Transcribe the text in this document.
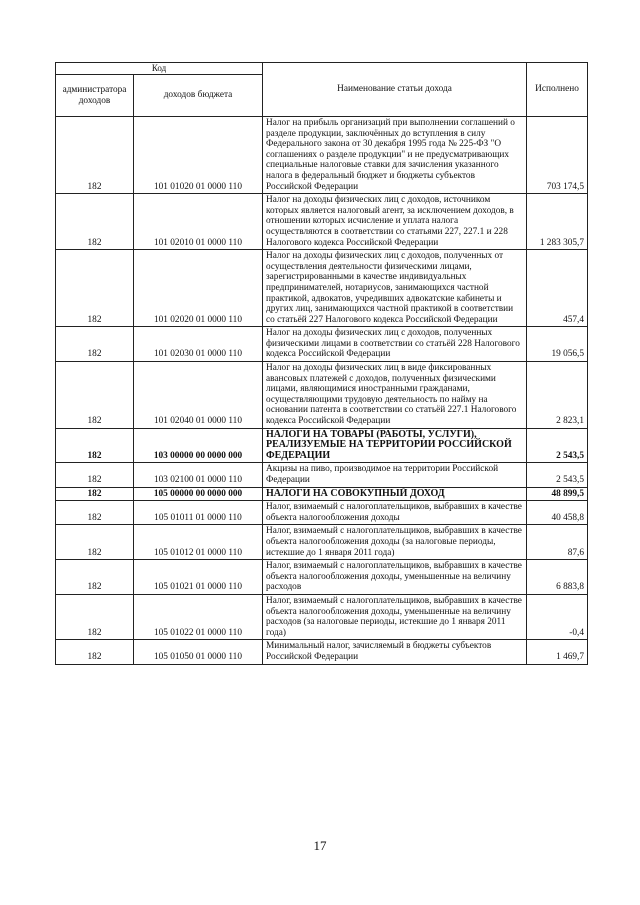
Код		Наименование статьи дохода	Исполнено
администратора доходов	доходов бюджета		
182	101 01020 01 0000 110	Налог на прибыль организаций при выполнении соглашений о разделе продукции, заключённых до вступления в силу Федерального закона от 30 декабря 1995 года № 225-ФЗ "О соглашениях о разделе продукции" и не предусматривающих специальные налоговые ставки для зачисления указанного налога в федеральный бюджет и бюджеты субъектов Российской Федерации	703 174,5
182	101 02010 01 0000 110	Налог на доходы физических лиц с доходов, источником которых является налоговый агент, за исключением доходов, в отношении которых исчисление и уплата налога осуществляются в соответствии со статьями 227, 227.1 и 228 Налогового кодекса Российской Федерации	1 283 305,7
182	101 02020 01 0000 110	Налог на доходы физических лиц с доходов, полученных от осуществления деятельности физическими лицами, зарегистрированными в качестве индивидуальных предпринимателей, нотариусов, занимающихся частной практикой, адвокатов, учредивших адвокатские кабинеты и других лиц, занимающихся частной практикой в соответствии со статьёй 227 Налогового кодекса Российской Федерации	457,4
182	101 02030 01 0000 110	Налог на доходы физических лиц с доходов, полученных физическими лицами в соответствии со статьёй 228 Налогового кодекса Российской Федерации	19 056,5
182	101 02040 01 0000 110	Налог на доходы физических лиц в виде фиксированных авансовых платежей с доходов, полученных физическими лицами, являющимися иностранными гражданами, осуществляющими трудовую деятельность по найму на основании патента в соответствии со статьёй 227.1 Налогового кодекса Российской Федерации	2 823,1
182	103 00000 00 0000 000	НАЛОГИ НА ТОВАРЫ (РАБОТЫ, УСЛУГИ), РЕАЛИЗУЕМЫЕ НА ТЕРРИТОРИИ РОССИЙСКОЙ ФЕДЕРАЦИИ	2 543,5
182	103 02100 01 0000 110	Акцизы на пиво, производимое на территории Российской Федерации	2 543,5
182	105 00000 00 0000 000	НАЛОГИ НА СОВОКУПНЫЙ ДОХОД	48 899,5
182	105 01011 01 0000 110	Налог, взимаемый с налогоплательщиков, выбравших в качестве объекта налогообложения доходы	40 458,8
182	105 01012 01 0000 110	Налог, взимаемый с налогоплательщиков, выбравших в качестве объекта налогообложения доходы (за налоговые периоды, истекшие до 1 января 2011 года)	87,6
182	105 01021 01 0000 110	Налог, взимаемый с налогоплательщиков, выбравших в качестве объекта налогообложения доходы, уменьшенные на величину расходов	6 883,8
182	105 01022 01 0000 110	Налог, взимаемый с налогоплательщиков, выбравших в качестве объекта налогообложения доходы, уменьшенные на величину расходов (за налоговые периоды, истекшие до 1 января 2011 года)	-0,4
182	105 01050 01 0000 110	Минимальный налог, зачисляемый в бюджеты субъектов Российской Федерации	1 469,7
17
